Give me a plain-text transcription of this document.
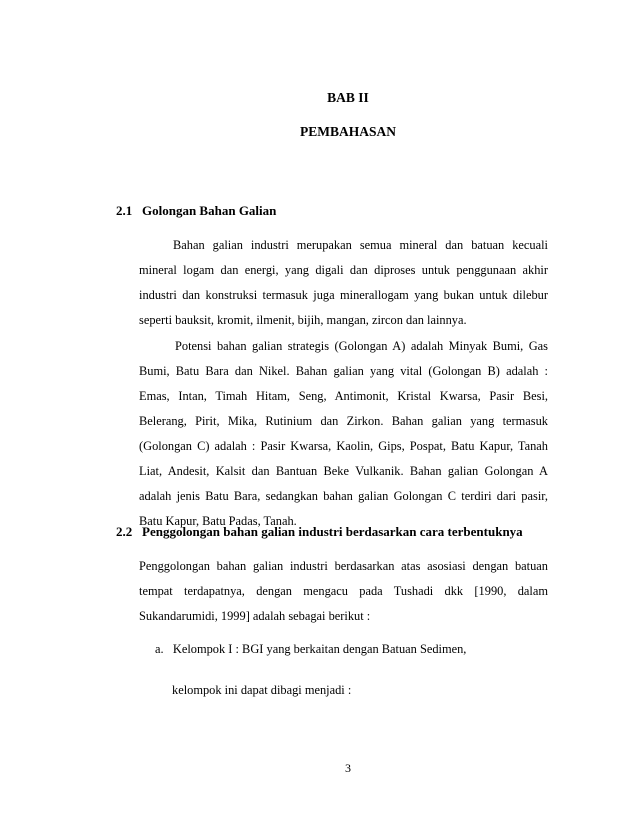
BAB II
PEMBAHASAN
2.1 Golongan Bahan Galian
Bahan galian industri merupakan semua mineral dan batuan kecuali
mineral logam dan energi, yang digali dan diproses untuk penggunaan akhir
industri dan konstruksi termasuk juga minerallogam yang bukan untuk dilebur
seperti bauksit, kromit, ilmenit, bijih, mangan, zircon dan lainnya.
Potensi bahan galian strategis (Golongan A) adalah Minyak Bumi, Gas
Bumi, Batu Bara dan Nikel. Bahan galian yang vital (Golongan B) adalah :
Emas, Intan, Timah Hitam, Seng, Antimonit, Kristal Kwarsa, Pasir Besi,
Belerang, Pirit, Mika, Rutinium dan Zirkon. Bahan galian yang termasuk
(Golongan C) adalah : Pasir Kwarsa, Kaolin, Gips, Pospat, Batu Kapur, Tanah
Liat, Andesit, Kalsit dan Bantuan Beke Vulkanik. Bahan galian Golongan A
adalah jenis Batu Bara, sedangkan bahan galian Golongan C terdiri dari pasir,
Batu Kapur, Batu Padas, Tanah.
2.2 Penggolongan bahan galian industri berdasarkan cara terbentuknya
Penggolongan bahan galian industri berdasarkan atas asosiasi dengan batuan
tempat terdapatnya, dengan mengacu pada Tushadi dkk [1990, dalam
Sukandarumidi, 1999] adalah sebagai berikut :
a.   Kelompok I : BGI yang berkaitan dengan Batuan Sedimen,
kelompok ini dapat dibagi menjadi :
3
